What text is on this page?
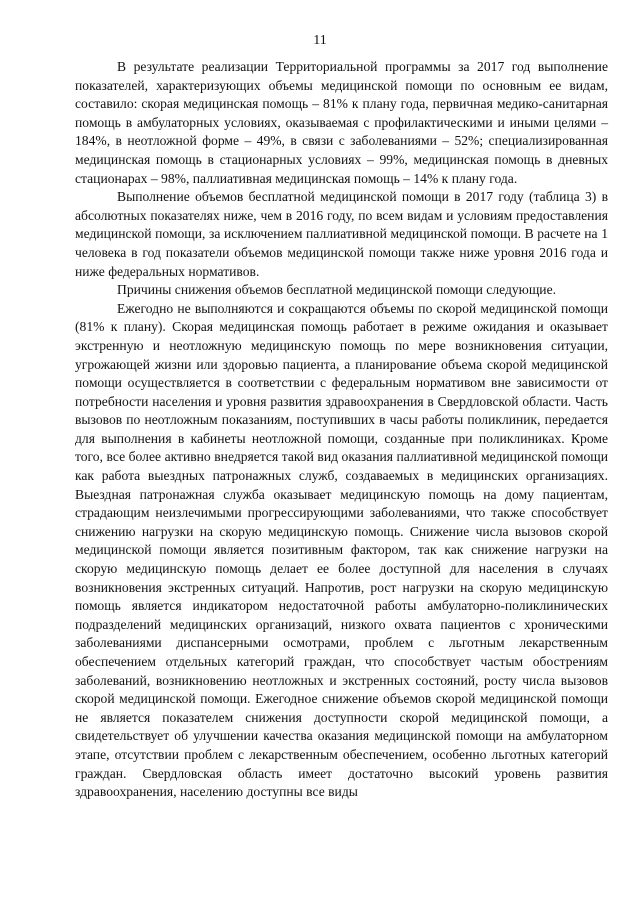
11

В результате реализации Территориальной программы за 2017 год выполнение показателей, характеризующих объемы медицинской помощи по основным ее видам, составило: скорая медицинская помощь – 81% к плану года, первичная медико-санитарная помощь в амбулаторных условиях, оказываемая с профилактическими и иными целями – 184%, в неотложной форме – 49%, в связи с заболеваниями – 52%; специализированная медицинская помощь в стационарных условиях – 99%, медицинская помощь в дневных стационарах – 98%, паллиативная медицинская помощь – 14% к плану года.

Выполнение объемов бесплатной медицинской помощи в 2017 году (таблица 3) в абсолютных показателях ниже, чем в 2016 году, по всем видам и условиям предоставления медицинской помощи, за исключением паллиативной медицинской помощи. В расчете на 1 человека в год показатели объемов медицинской помощи также ниже уровня 2016 года и ниже федеральных нормативов.

Причины снижения объемов бесплатной медицинской помощи следующие.

Ежегодно не выполняются и сокращаются объемы по скорой медицинской помощи (81% к плану). Скорая медицинская помощь работает в режиме ожидания и оказывает экстренную и неотложную медицинскую помощь по мере возникновения ситуации, угрожающей жизни или здоровью пациента, а планирование объема скорой медицинской помощи осуществляется в соответствии с федеральным нормативом вне зависимости от потребности населения и уровня развития здравоохранения в Свердловской области. Часть вызовов по неотложным показаниям, поступивших в часы работы поликлиник, передается для выполнения в кабинеты неотложной помощи, созданные при поликлиниках. Кроме того, все более активно внедряется такой вид оказания паллиативной медицинской помощи как работа выездных патронажных служб, создаваемых в медицинских организациях. Выездная патронажная служба оказывает медицинскую помощь на дому пациентам, страдающим неизлечимыми прогрессирующими заболеваниями, что также способствует снижению нагрузки на скорую медицинскую помощь. Снижение числа вызовов скорой медицинской помощи является позитивным фактором, так как снижение нагрузки на скорую медицинскую помощь делает ее более доступной для населения в случаях возникновения экстренных ситуаций. Напротив, рост нагрузки на скорую медицинскую помощь является индикатором недостаточной работы амбулаторно-поликлинических подразделений медицинских организаций, низкого охвата пациентов с хроническими заболеваниями диспансерными осмотрами, проблем с льготным лекарственным обеспечением отдельных категорий граждан, что способствует частым обострениям заболеваний, возникновению неотложных и экстренных состояний, росту числа вызовов скорой медицинской помощи. Ежегодное снижение объемов скорой медицинской помощи не является показателем снижения доступности скорой медицинской помощи, а свидетельствует об улучшении качества оказания медицинской помощи на амбулаторном этапе, отсутствии проблем с лекарственным обеспечением, особенно льготных категорий граждан. Свердловская область имеет достаточно высокий уровень развития здравоохранения, населению доступны все виды
